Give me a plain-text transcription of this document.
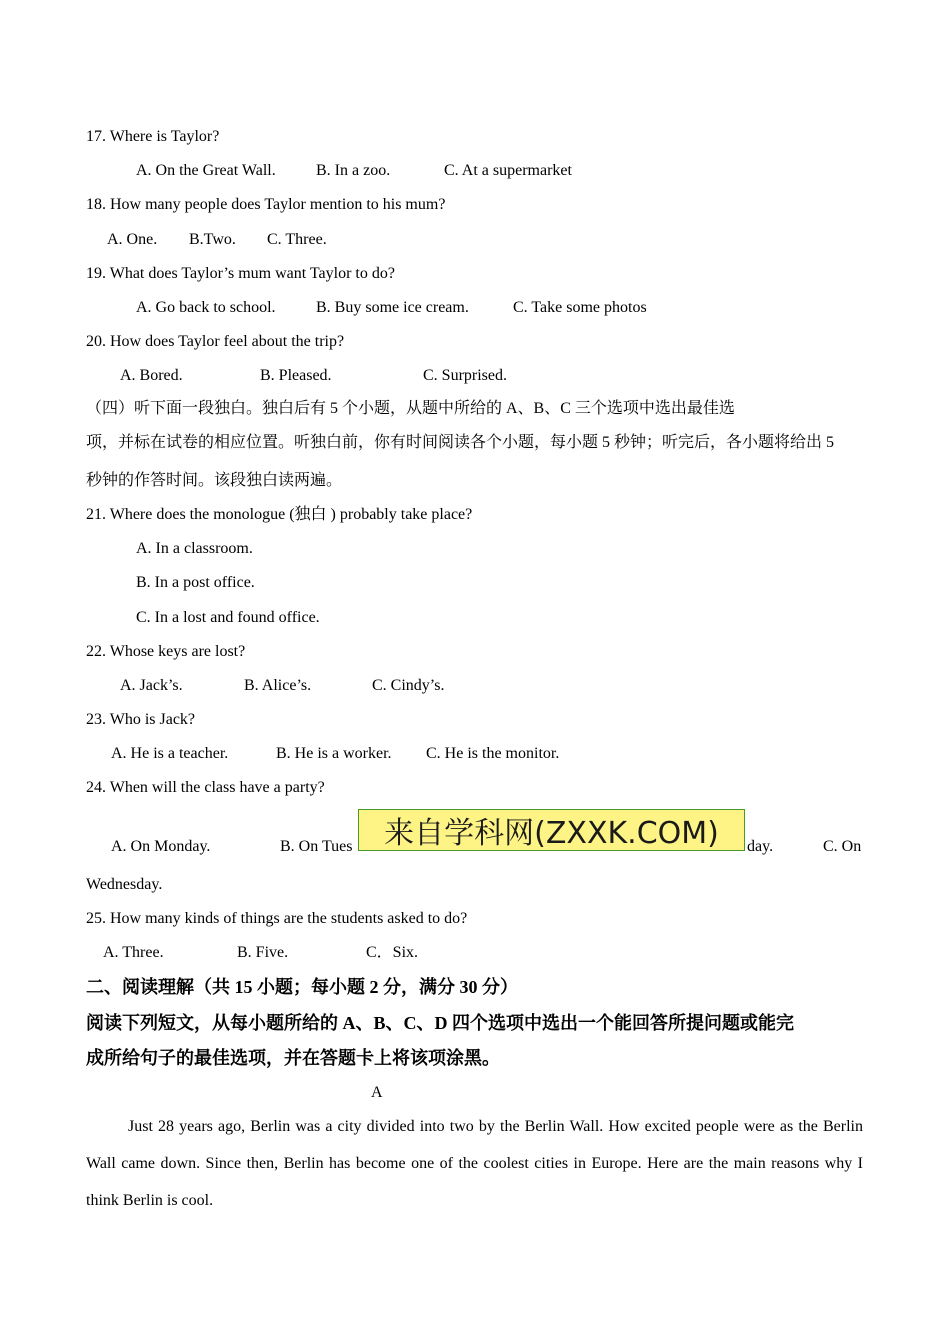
17. Where is Taylor?
A. On the Great Wall.	B. In a zoo.	C. At a supermarket
18. How many people does Taylor mention to his mum?
A. One. B.Two. C. Three.
19. What does Taylor’s mum want Taylor to do?
A. Go back to school.	B. Buy some ice cream.	C. Take some photos
20. How does Taylor feel about the trip?
A. Bored.	B. Pleased.	C. Surprised.
（四）听下面一段独白。独白后有 5 个小题，从题中所给的 A、B、C 三个选项中选出最佳选
项，并标在试卷的相应位置。听独白前，你有时间阅读各个小题，每小题 5 秒钟；听完后，各小题将给出 5
秒钟的作答时间。该段独白读两遍。
21. Where does the monologue (独白 ) probably take place?
A. In a classroom.
B. In a post office.
C. In a lost and found office.
22. Whose keys are lost?
A. Jack’s.	B. Alice’s.	C. Cindy’s.
23. Who is Jack?
A. He is a teacher.	B. He is a worker. C. He is the monitor.
24. When will the class have a party?
A. On Monday.	B. On Tues	day.	C. On
Wednesday.
来自学科网(ZXXK.COM)
25. How many kinds of things are the students asked to do?
A. Three.	B. Five.	C．Six.
二、阅读理解（共 15 小题；每小题 2 分，满分 30 分）
阅读下列短文，从每小题所给的 A、B、C、D 四个选项中选出一个能回答所提问题或能完
成所给句子的最佳选项，并在答题卡上将该项涂黑。
A
Just 28 years ago, Berlin was a city divided into two by the Berlin Wall. How excited people were as the Berlin Wall came down. Since then, Berlin has become one of the coolest cities in Europe. Here are the main reasons why I think Berlin is cool.
